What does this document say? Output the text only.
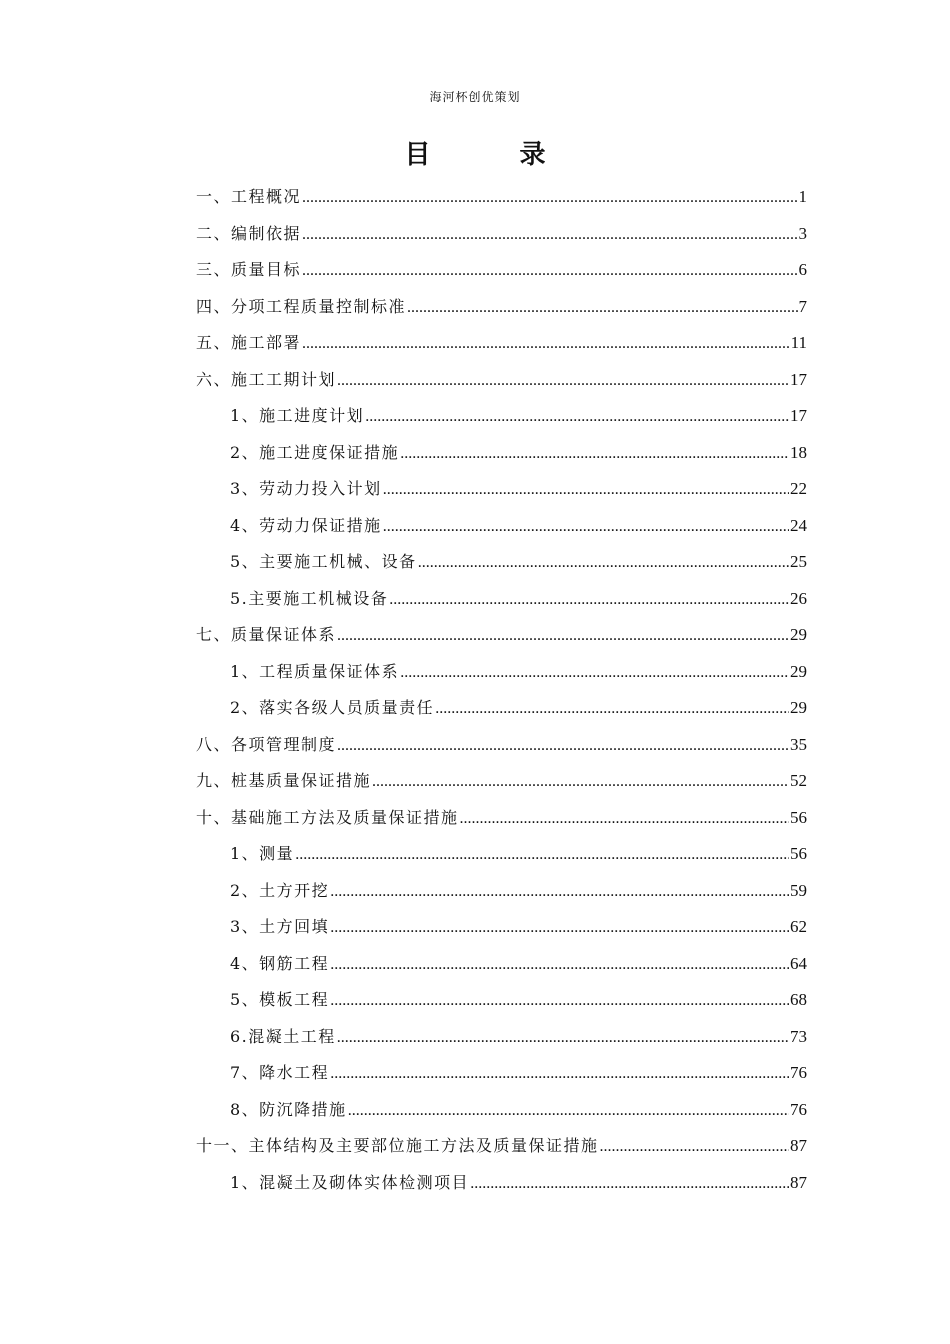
海河杯创优策划
目 录
一、工程概况 .....	1
二、编制依据 .....	3
三、质量目标 .....	6
四、分项工程质量控制标准 .....	7
五、施工部署 .....	11
六、施工工期计划 .....	17
1、施工进度计划 .....	17
2、施工进度保证措施 .....	18
3、劳动力投入计划 .....	22
4、劳动力保证措施 .....	24
5、主要施工机械、设备 .....	25
5.主要施工机械设备 .....	26
七、质量保证体系 .....	29
1、工程质量保证体系 .....	29
2、落实各级人员质量责任 .....	29
八、各项管理制度 .....	35
九、桩基质量保证措施 .....	52
十、基础施工方法及质量保证措施 .....	56
1、测量 .....	56
2、土方开挖 .....	59
3、土方回填 .....	62
4、钢筋工程 .....	64
5、模板工程 .....	68
6.混凝土工程 .....	73
7、降水工程 .....	76
8、防沉降措施 .....	76
十一、主体结构及主要部位施工方法及质量保证措施 .....	87
1、混凝土及砌体实体检测项目 .....	87
